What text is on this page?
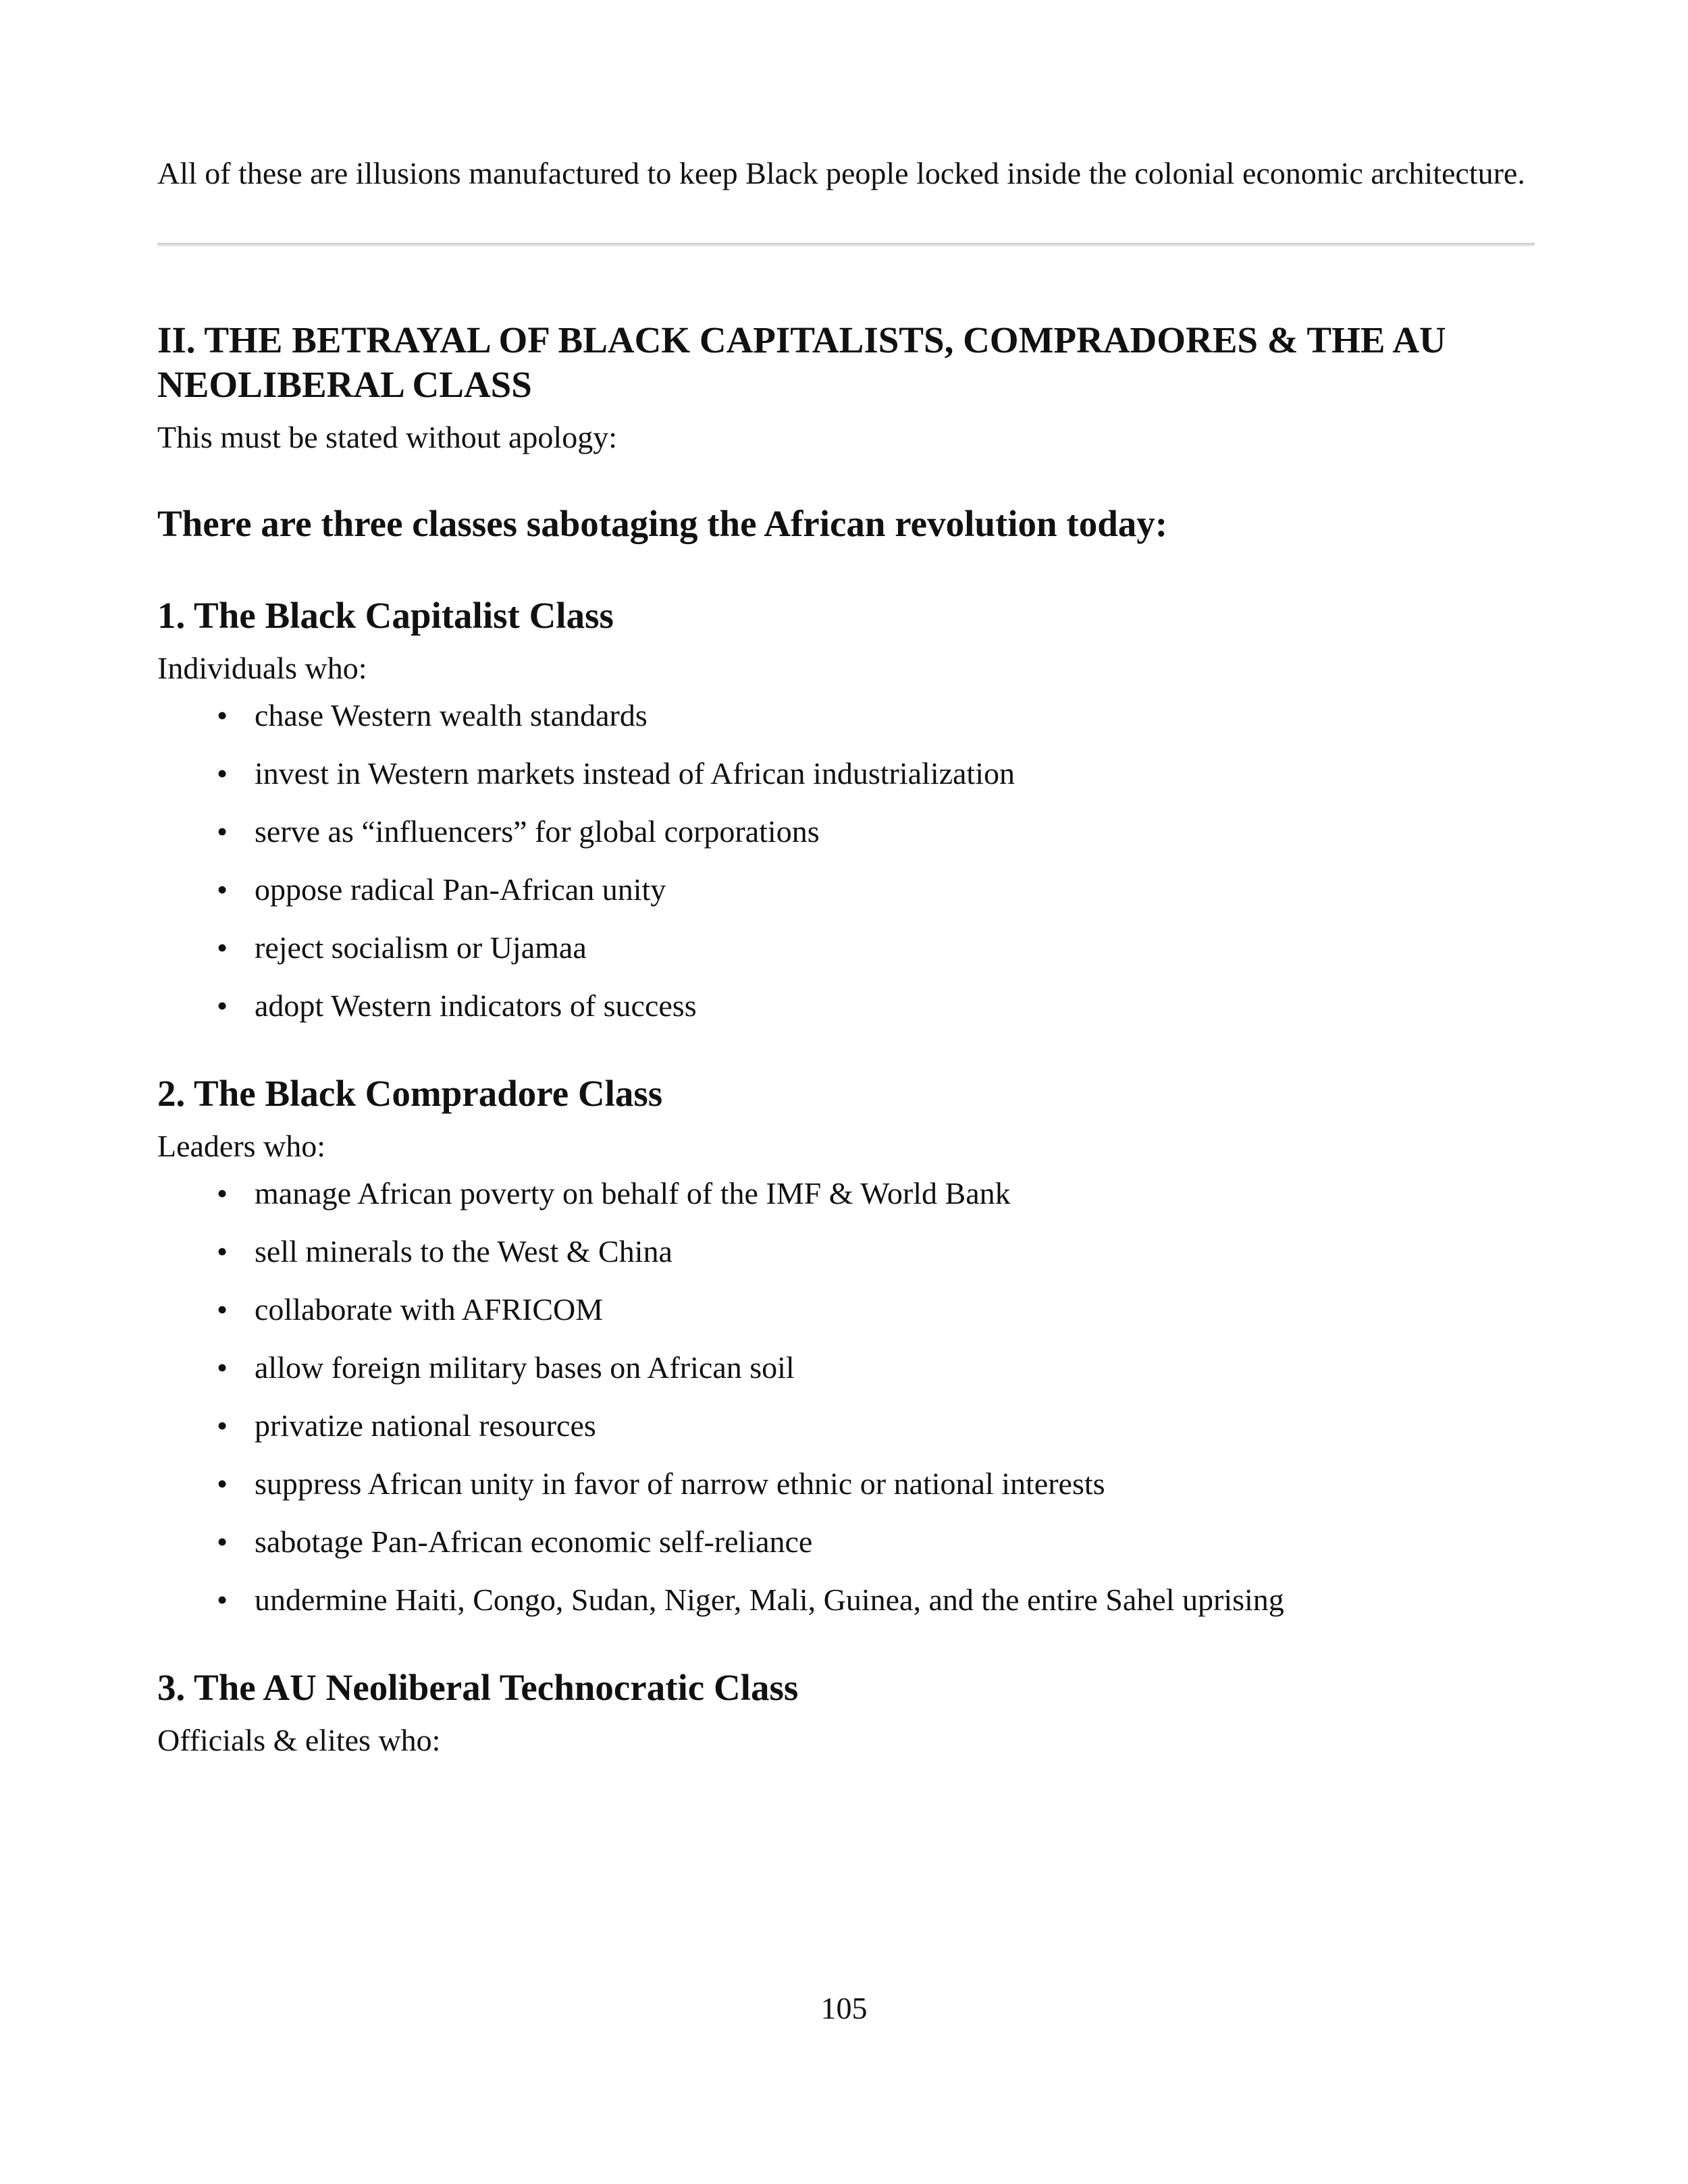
All of these are illusions manufactured to keep Black people locked inside the colonial economic architecture.

II. THE BETRAYAL OF BLACK CAPITALISTS, COMPRADORES & THE AU NEOLIBERAL CLASS

This must be stated without apology:

There are three classes sabotaging the African revolution today:
1. The Black Capitalist Class

Individuals who:

• chase Western wealth standards
• invest in Western markets instead of African industrialization
• serve as “influencers” for global corporations
• oppose radical Pan-African unity
• reject socialism or Ujamaa
• adopt Western indicators of success
2. The Black Compradore Class

Leaders who:

• manage African poverty on behalf of the IMF & World Bank
• sell minerals to the West & China
• collaborate with AFRICOM
• allow foreign military bases on African soil
• privatize national resources
• suppress African unity in favor of narrow ethnic or national interests
• sabotage Pan-African economic self-reliance
• undermine Haiti, Congo, Sudan, Niger, Mali, Guinea, and the entire Sahel uprising
3. The AU Neoliberal Technocratic Class

Officials & elites who:

105
